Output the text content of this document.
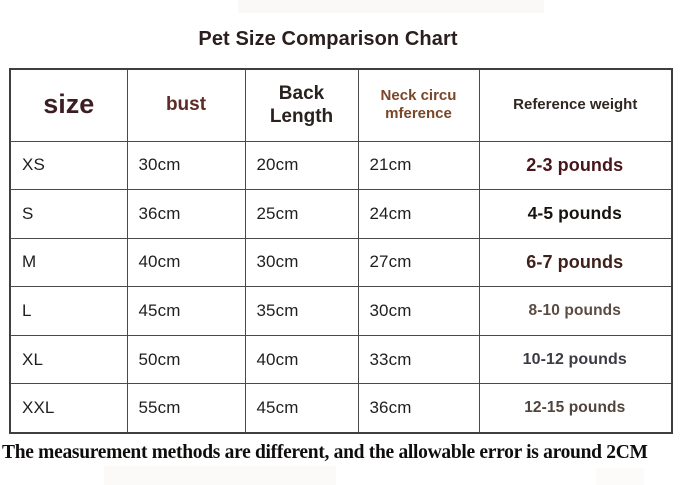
Pet Size Comparison Chart
size	bust	Back Length	Neck circu mference	Reference weight
XS	30cm	20cm	21cm	2-3 pounds
S	36cm	25cm	24cm	4-5 pounds
M	40cm	30cm	27cm	6-7 pounds
L	45cm	35cm	30cm	8-10 pounds
XL	50cm	40cm	33cm	10-12 pounds
XXL	55cm	45cm	36cm	12-15 pounds

The measurement methods are different, and the allowable error is around 2CM
